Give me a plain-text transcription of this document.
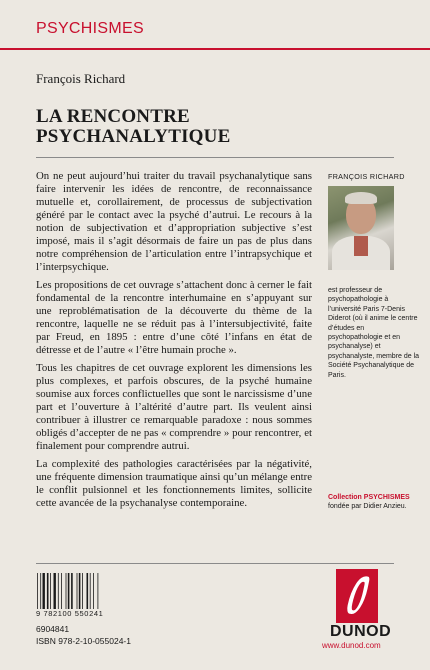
PSYCHISMES
François Richard
LA RENCONTRE
PSYCHANALYTIQUE

On ne peut aujourd’hui traiter du travail psychanalytique sans faire intervenir les idées de rencontre, de reconnaissance mutuelle et, corollairement, de processus de subjectivation généré par le contact avec la psyché d’autrui. Le recours à la notion de subjectivation et d’appropriation subjective s’est imposé, mais il s’agit désormais de faire un pas de plus dans notre compréhension de l’articulation entre l’intrapsychique et l’interpsychique.

Les propositions de cet ouvrage s’attachent donc à cerner le fait fondamental de la rencontre interhumaine en s’appuyant sur une reproblématisation de la découverte du thème de la rencontre, laquelle ne se réduit pas à l’intersubjectivité, faite par Freud, en 1895 : entre d’une côté l’infans en état de détresse et de l’autre « l’être humain proche ».

Tous les chapitres de cet ouvrage explorent les dimensions les plus complexes, et parfois obscures, de la psyché humaine soumise aux forces conflictuelles que sont le narcissisme d’une part et l’ouverture à l’altérité d’autre part. Ils veulent ainsi contribuer à illustrer ce remarquable paradoxe : nous sommes obligés d’accepter de ne pas « comprendre » pour rencontrer, et finalement pour comprendre autrui.

La complexité des pathologies caractérisées par la négativité, une fréquente dimension traumatique ainsi qu’un mélange entre le conflit pulsionnel et les fonctionnements limites, sollicite cette avancée de la psychanalyse contemporaine.

FRANÇOIS RICHARD
est professeur de psychopathologie à l’université Paris 7-Denis Diderot (où il anime le centre d’études en psychopathologie et en psychanalyse) et psychanalyste, membre de la Société Psychanalytique de Paris.
Collection PSYCHISMES
fondée par Didier Anzieu.
9 782100 550241
6904841
ISBN 978-2-10-055024-1
DUNOD
www.dunod.com
